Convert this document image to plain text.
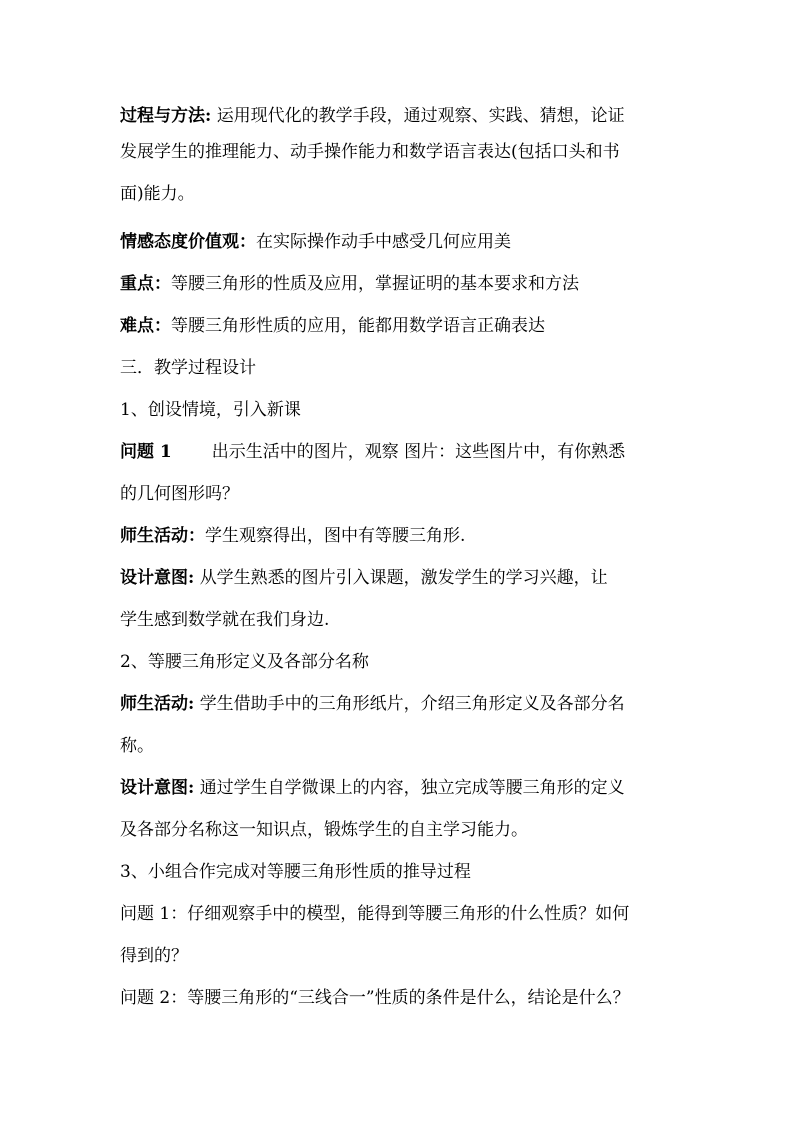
过程与方法: 运用现代化的教学手段，通过观察、实践、猜想，论证
发展学生的推理能力、动手操作能力和数学语言表达(包括口头和书
面)能力。
情感态度价值观：在实际操作动手中感受几何应用美
重点：等腰三角形的性质及应用，掌握证明的基本要求和方法
难点：等腰三角形性质的应用，能都用数学语言正确表达
三．教学过程设计
1、创设情境，引入新课
问题 1 出示生活中的图片，观察 图片：这些图片中，有你熟悉
的几何图形吗？
师生活动：学生观察得出，图中有等腰三角形.
设计意图: 从学生熟悉的图片引入课题，激发学生的学习兴趣，让
学生感到数学就在我们身边.
2、等腰三角形定义及各部分名称
师生活动: 学生借助手中的三角形纸片，介绍三角形定义及各部分名
称。
设计意图: 通过学生自学微课上的内容，独立完成等腰三角形的定义
及各部分名称这一知识点，锻炼学生的自主学习能力。
3、小组合作完成对等腰三角形性质的推导过程
问题 1：仔细观察手中的模型，能得到等腰三角形的什么性质？如何
得到的？
问题 2：等腰三角形的“三线合一”性质的条件是什么，结论是什么？
